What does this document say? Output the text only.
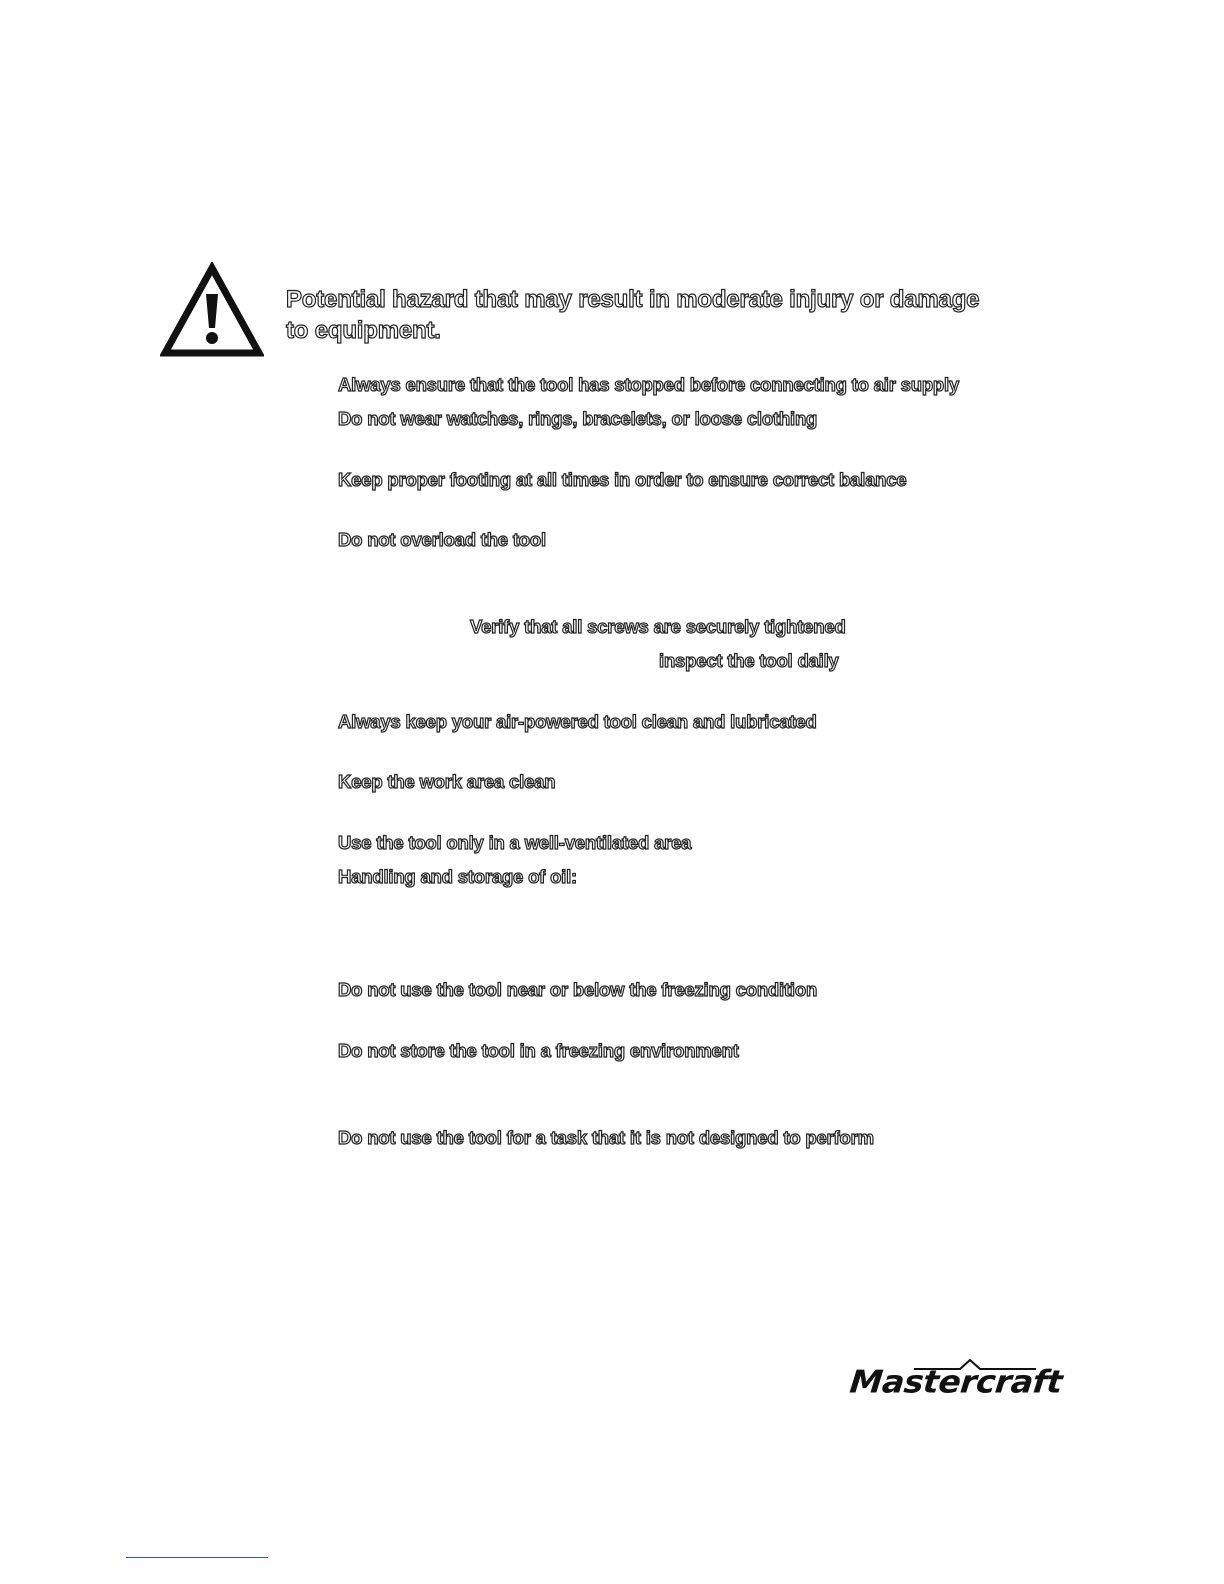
Potential hazard that may result in moderate injury or damage to equipment.
Always ensure that the tool has stopped before connecting to air supply
Do not wear watches, rings, bracelets, or loose clothing
Keep proper footing at all times in order to ensure correct balance
Do not overload the tool
Verify that all screws are securely tightened
inspect the tool daily
Always keep your air-powered tool clean and lubricated
Keep the work area clean
Use the tool only in a well-ventilated area
Handling and storage of oil:
Do not use the tool near or below the freezing condition
Do not store the tool in a freezing environment
Do not use the tool for a task that it is not designed to perform
Mastercraft
